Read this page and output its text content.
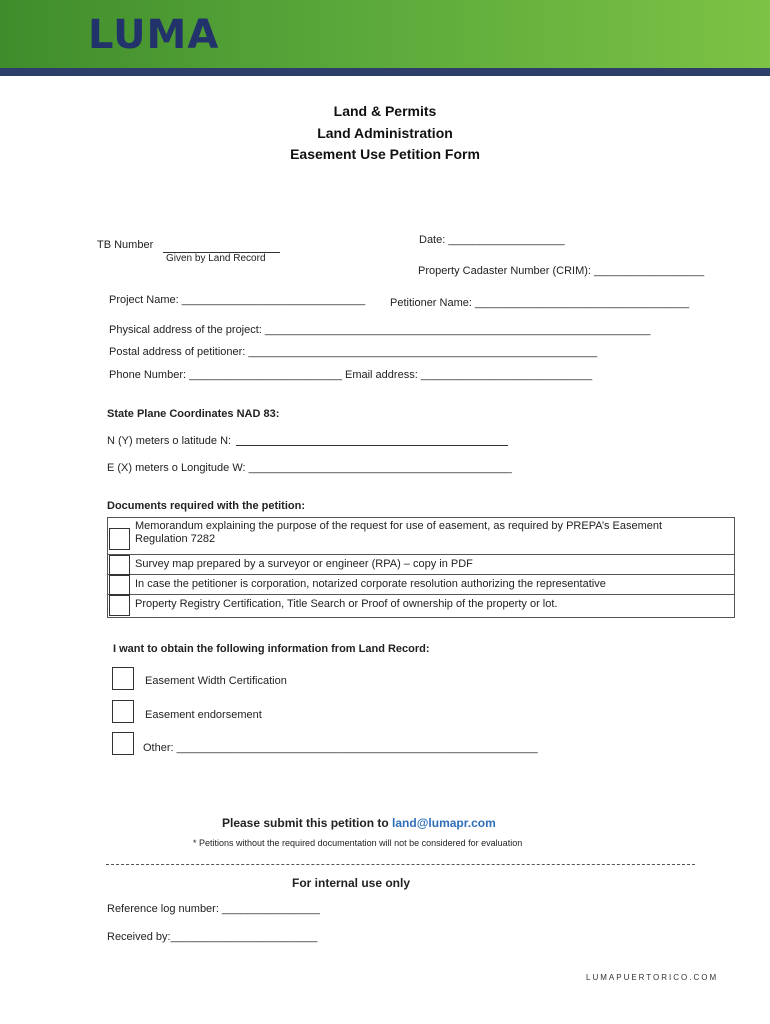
LUMA
Land & Permits
Land Administration
Easement Use Petition Form
TB Number
Given by Land Record
Date: ___________________
Property Cadaster Number (CRIM): __________________
Project Name: ______________________________ Petitioner Name: ___________________________________
Physical address of the project: _______________________________________________________________
Postal address of petitioner: _________________________________________________________
Phone Number: _________________________ Email address: ____________________________
State Plane Coordinates NAD 83:
N (Y) meters o latitude N:
E (X) meters o Longitude W: ___________________________________________
Documents required with the petition:
Memorandum explaining the purpose of the request for use of easement, as required by PREPA’s Easement
Regulation 7282
Survey map prepared by a surveyor or engineer (RPA) – copy in PDF
In case the petitioner is corporation, notarized corporate resolution authorizing the representative
Property Registry Certification, Title Search or Proof of ownership of the property or lot.
I want to obtain the following information from Land Record:
Easement Width Certification
Easement endorsement
Other: ___________________________________________________________
Please submit this petition to land@lumapr.com
* Petitions without the required documentation will not be considered for evaluation
For internal use only
Reference log number: ________________
Received by:________________________
LUMAPUERTORICO.COM
